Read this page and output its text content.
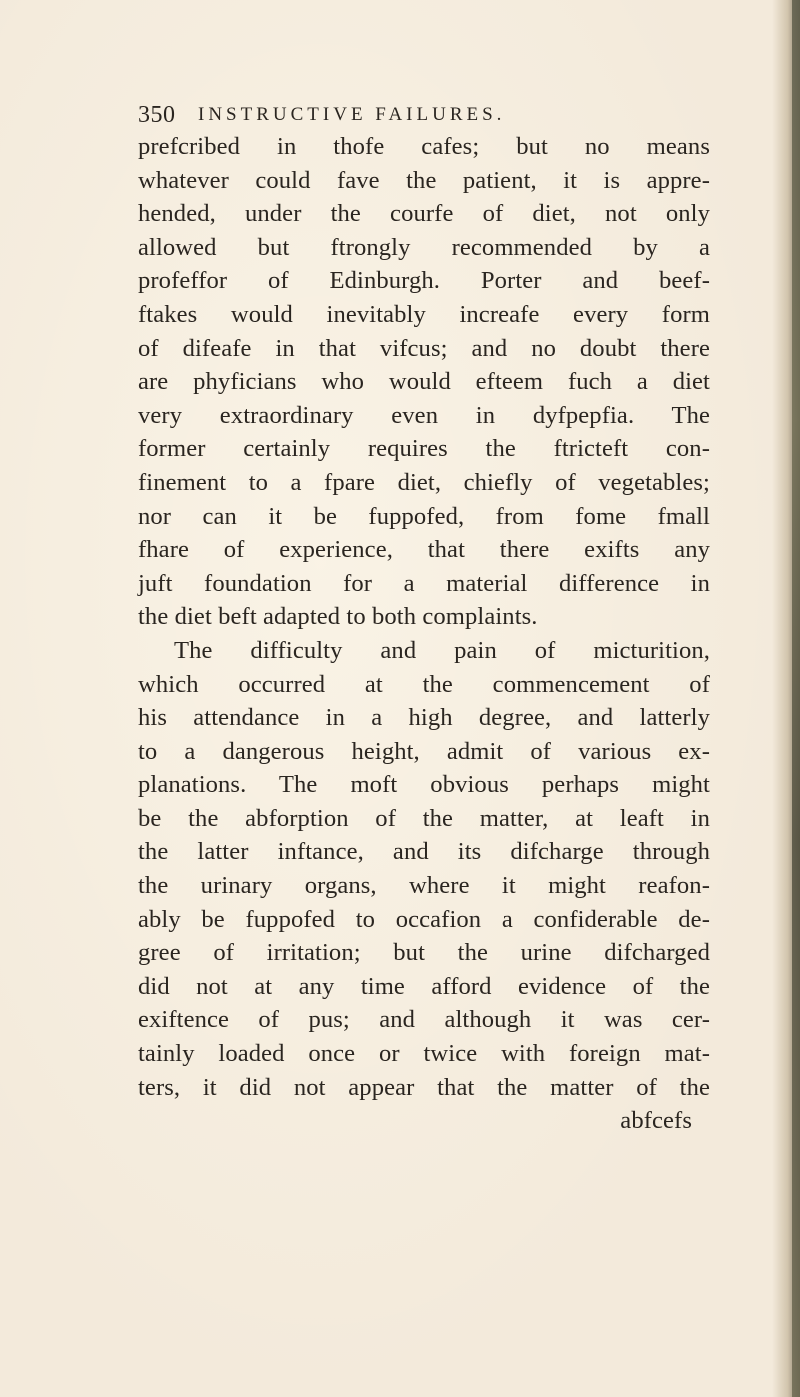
350 INSTRUCTIVE FAILURES.
prefcribed in thofe cafes; but no means
whatever could fave the patient, it is appre-
hended, under the courfe of diet, not only
allowed but ftrongly recommended by a
profeffor of Edinburgh. Porter and beef-
ftakes would inevitably increafe every form
of difeafe in that vifcus; and no doubt there
are phyficians who would efteem fuch a diet
very extraordinary even in dyfpepfia. The
former certainly requires the ftricteft con-
finement to a fpare diet, chiefly of vegetables;
nor can it be fuppofed, from fome fmall
fhare of experience, that there exifts any
juft foundation for a material difference in
the diet beft adapted to both complaints.
The difficulty and pain of micturition,
which occurred at the commencement of
his attendance in a high degree, and latterly
to a dangerous height, admit of various ex-
planations. The moft obvious perhaps might
be the abforption of the matter, at leaft in
the latter inftance, and its difcharge through
the urinary organs, where it might reafon-
ably be fuppofed to occafion a confiderable de-
gree of irritation; but the urine difcharged
did not at any time afford evidence of the
exiftence of pus; and although it was cer-
tainly loaded once or twice with foreign mat-
ters, it did not appear that the matter of the
abfcefs
